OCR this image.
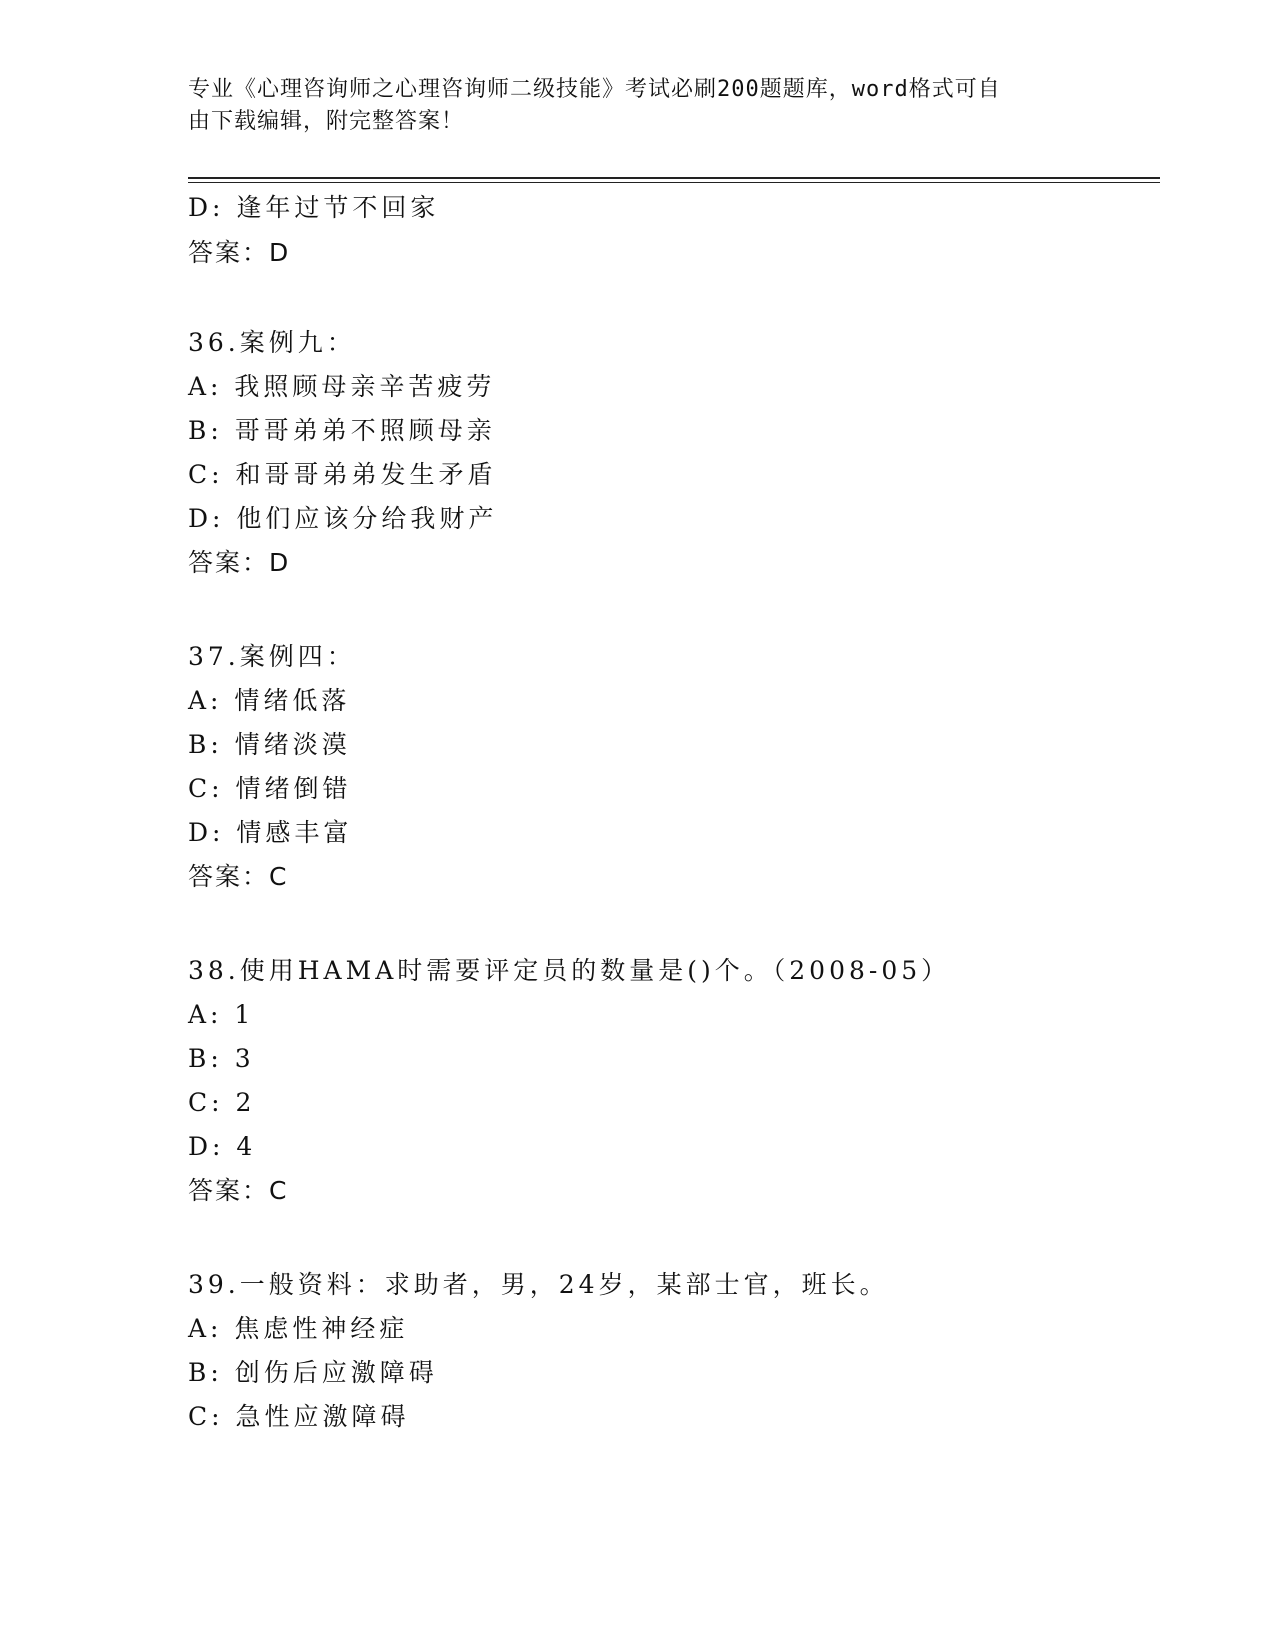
专业《心理咨询师之心理咨询师二级技能》考试必刷200题题库，word格式可自
由下载编辑，附完整答案！
D: 逢年过节不回家
答案：D
36.案例九：
A: 我照顾母亲辛苦疲劳
B: 哥哥弟弟不照顾母亲
C: 和哥哥弟弟发生矛盾
D: 他们应该分给我财产
答案：D
37.案例四：
A: 情绪低落
B: 情绪淡漠
C: 情绪倒错
D: 情感丰富
答案：C
38.使用HAMA时需要评定员的数量是()个。（2008-05）
A: 1
B: 3
C: 2
D: 4
答案：C
39.一般资料：求助者，男，24岁，某部士官，班长。
A: 焦虑性神经症
B: 创伤后应激障碍
C: 急性应激障碍
